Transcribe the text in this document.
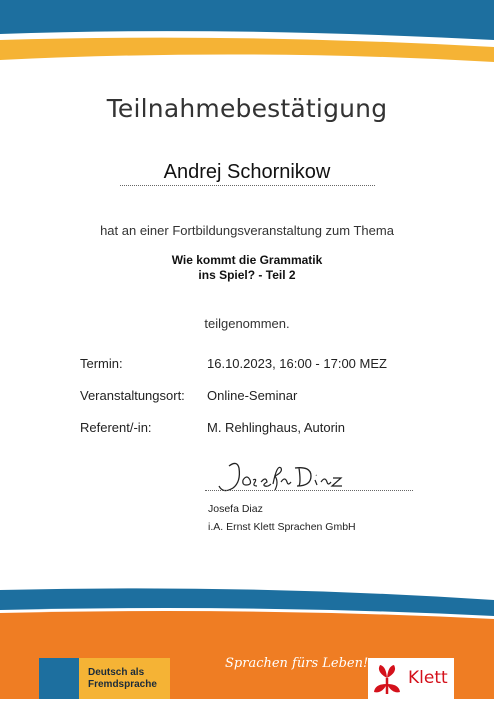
Teilnahmebestätigung
Andrej Schornikow
hat an einer Fortbildungsveranstaltung zum Thema
Wie kommt die Grammatik
ins Spiel? - Teil 2
teilgenommen.
Termin:	16.10.2023, 16:00 - 17:00 MEZ
Veranstaltungsort: Online-Seminar
Referent/-in:	M. Rehlinghaus, Autorin
Josefa Diaz
i.A. Ernst Klett Sprachen GmbH
Deutsch als
Fremdsprache
Sprachen fürs Leben!
Klett
